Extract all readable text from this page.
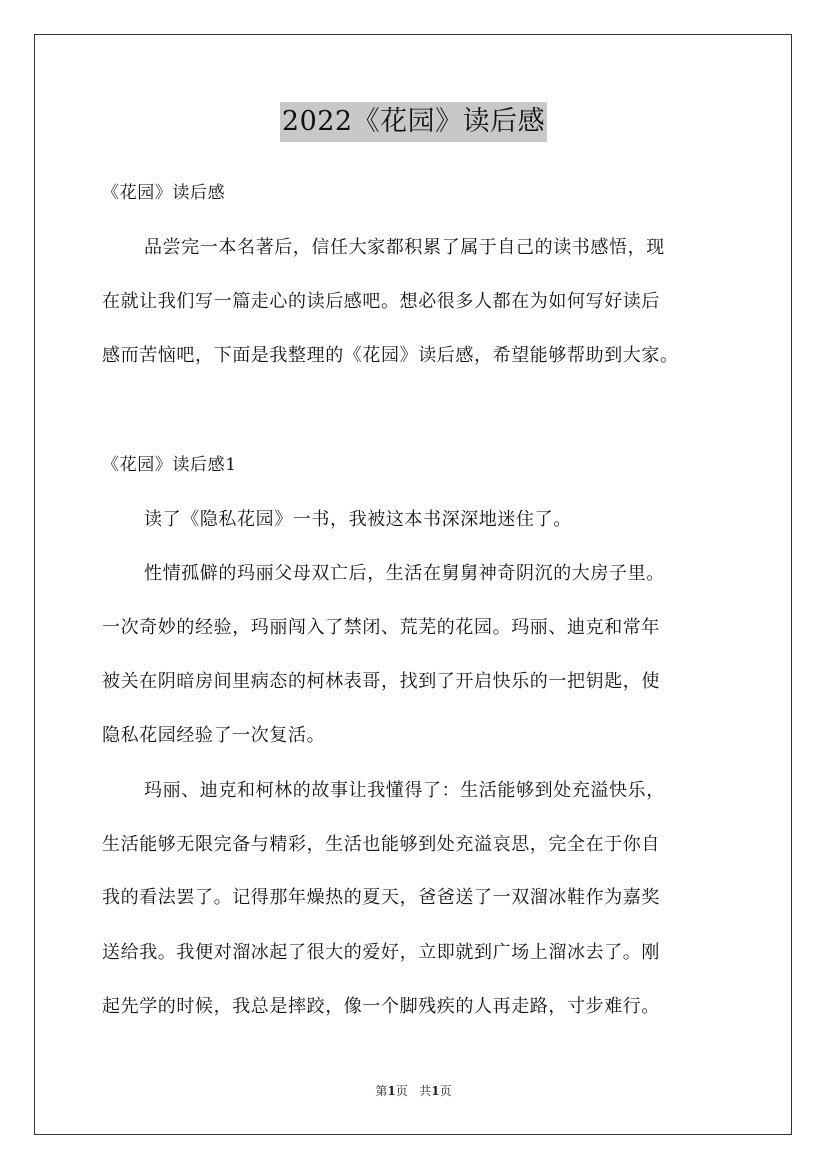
2022《花园》读后感
《花园》读后感
品尝完一本名著后，信任大家都积累了属于自己的读书感悟，现
在就让我们写一篇走心的读后感吧。想必很多人都在为如何写好读后
感而苦恼吧，下面是我整理的《花园》读后感，希望能够帮助到大家。
《花园》读后感1
读了《隐私花园》一书，我被这本书深深地迷住了。
性情孤僻的玛丽父母双亡后，生活在舅舅神奇阴沉的大房子里。
一次奇妙的经验，玛丽闯入了禁闭、荒芜的花园。玛丽、迪克和常年
被关在阴暗房间里病态的柯林表哥，找到了开启快乐的一把钥匙，使
隐私花园经验了一次复活。
玛丽、迪克和柯林的故事让我懂得了：生活能够到处充溢快乐，
生活能够无限完备与精彩，生活也能够到处充溢哀思，完全在于你自
我的看法罢了。记得那年燥热的夏天，爸爸送了一双溜冰鞋作为嘉奖
送给我。我便对溜冰起了很大的爱好，立即就到广场上溜冰去了。刚
起先学的时候，我总是摔跤，像一个脚残疾的人再走路，寸步难行。
第1页 共1页
